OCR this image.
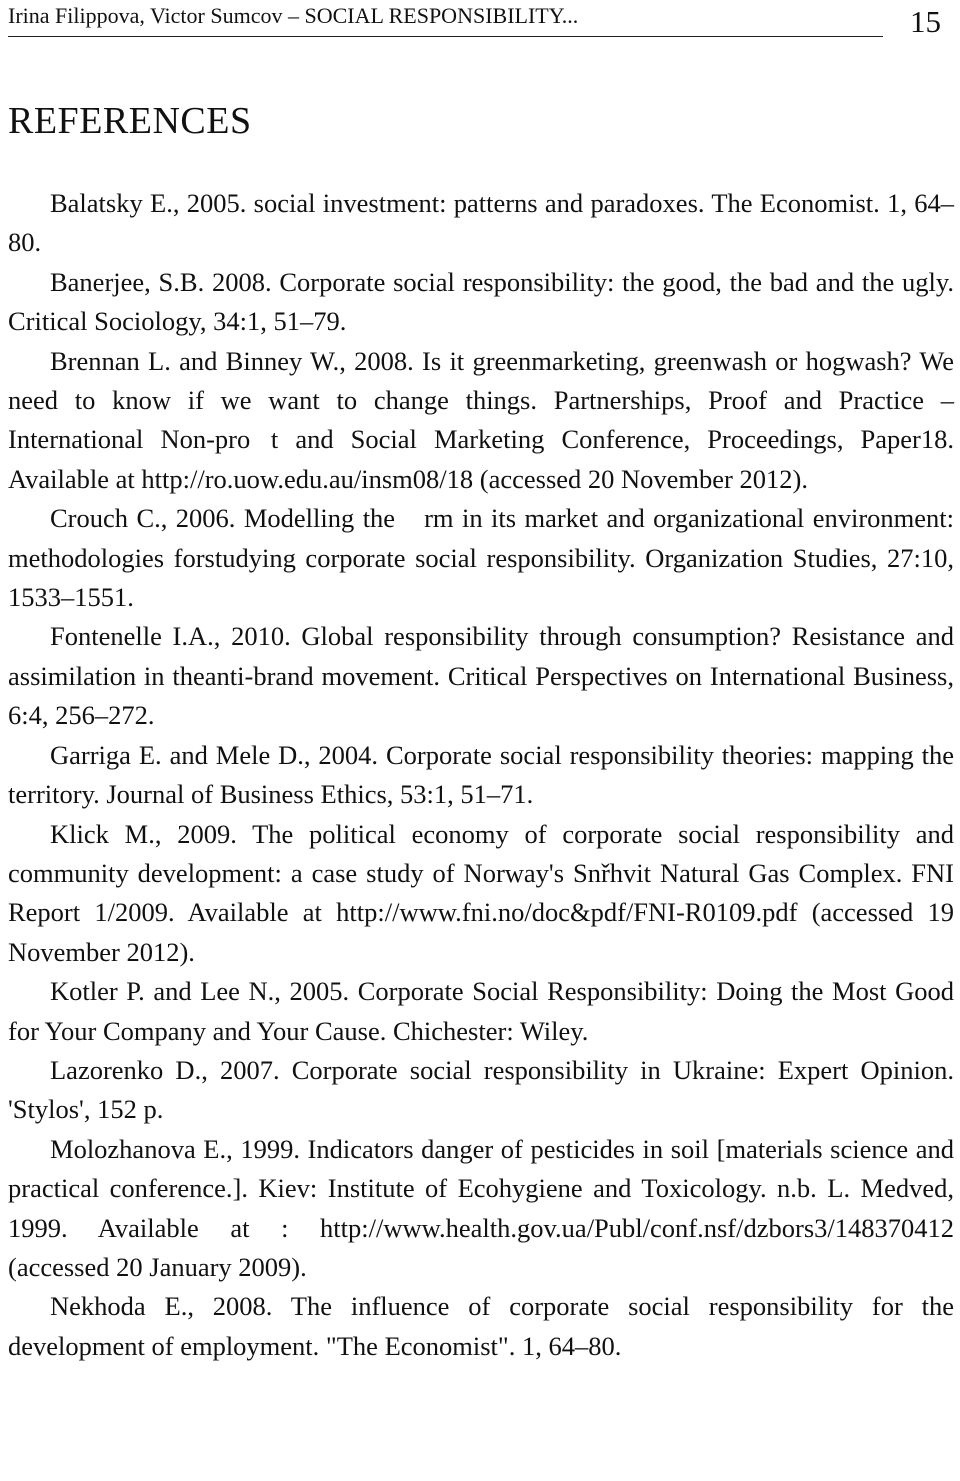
Irina Filippova, Victor Sumcov – SOCIAL RESPONSIBILITY...	15
REFERENCES

Balatsky E., 2005. social investment: patterns and paradoxes. The Economist. 1, 64–80.

Banerjee, S.B. 2008. Corporate social responsibility: the good, the bad and the ugly. Critical Sociology, 34:1, 51–79.

Brennan L. and Binney W., 2008. Is it greenmarketing, greenwash or hogwash? We need to know if we want to change things. Partnerships, Proof and Practice – International Non-pro t and Social Marketing Conference, Proceedings, Paper18. Available at http://ro.uow.​edu.au/insm08/18 (accessed 20 November 2012).

Crouch C., 2006. Modelling the  rm in its market and organizational environment: methodologies forstudying corporate social responsibility. Organization Studies, 27:10, 1533–1551.

Fontenelle I.A., 2010. Global responsibility through consumption? Resistance and assimilation in theanti-brand movement. Critical Perspectives on International Business, 6:4, 256–272.

Garriga E. and Mele D., 2004. Corporate social responsibility theories: mapping the territory. Journal of Business Ethics, 53:1, 51–71.

Klick M., 2009. The political economy of corporate social responsibility and community development: a case study of Norway's Snřhvit Natural Gas Complex. FNI Report 1/2009. Available at http://​www.fni.no/doc&pdf/FNI-R0109.pdf (accessed 19 November 2012).

Kotler P. and Lee N., 2005. Corporate Social Responsibility: Doing the Most Good for Your Company and Your Cause. Chichester: Wiley.

Lazorenko D., 2007. Corporate social responsibility in Ukraine: Expert Opinion. 'Stylos', 152 p.

Molozhanova E., 1999. Indicators danger of pesticides in soil [materials science and practical conference.]. Kiev: Institute of Ecohygiene and Toxicology. n.b. L. Medved, 1999. Available at : http://​www.health.gov.ua/Publ/conf.nsf/dzbors3/148370412 (accessed 20 January 2009).

Nekhoda E., 2008. The influence of corporate social responsibility for the development of employment. "The Economist". 1, 64–80.
